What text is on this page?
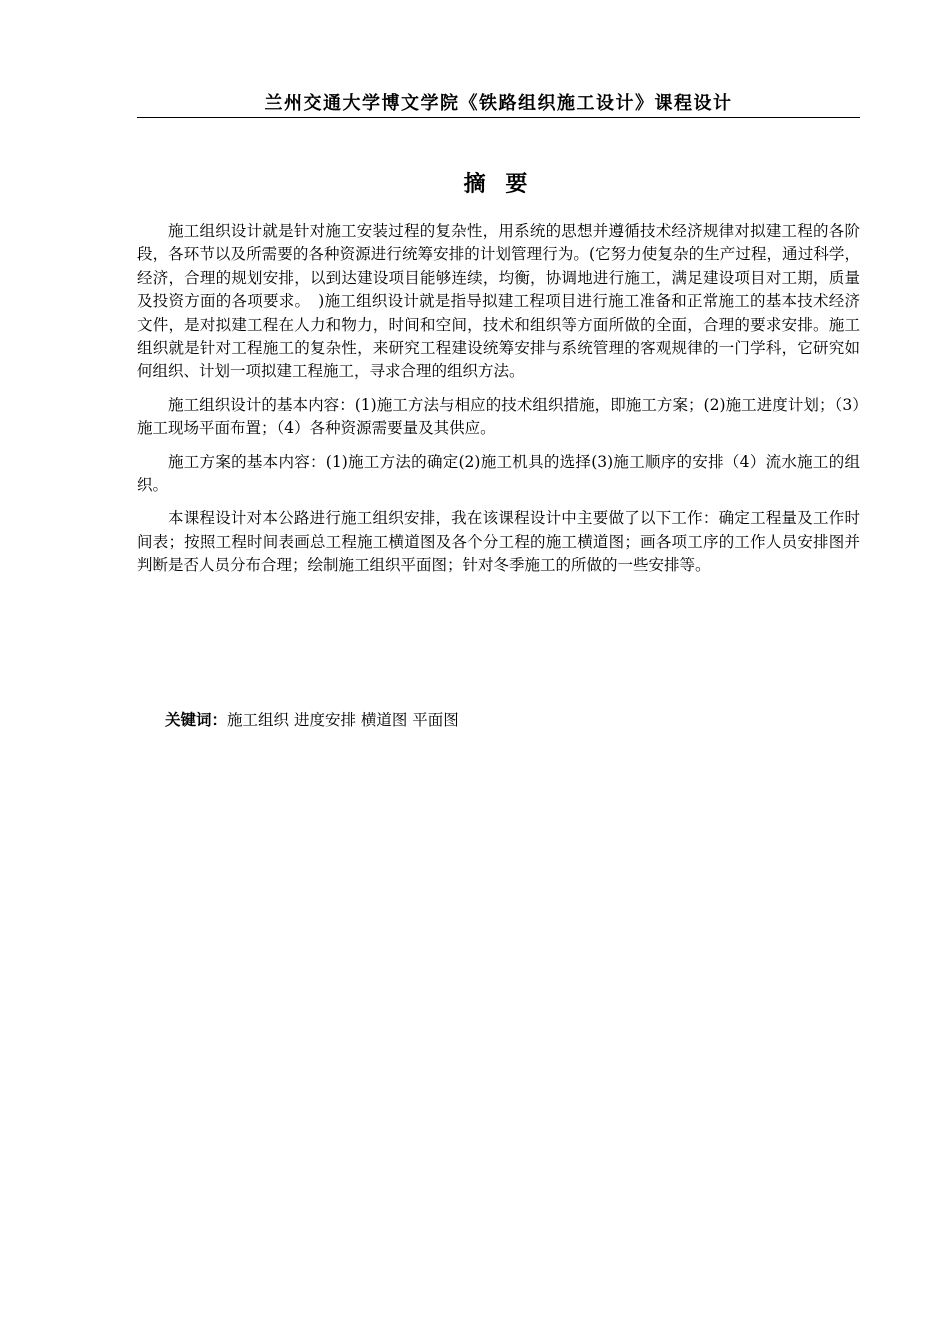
兰州交通大学博文学院《铁路组织施工设计》课程设计
摘 要

施工组织设计就是针对施工安装过程的复杂性，用系统的思想并遵循技术经济规律对拟建工程的各阶段，各环节以及所需要的各种资源进行统筹安排的计划管理行为。(它努力使复杂的生产过程，通过科学，经济，合理的规划安排，以到达建设项目能够连续，均衡，协调地进行施工，满足建设项目对工期，质量及投资方面的各项要求。　)施工组织设计就是指导拟建工程项目进行施工准备和正常施工的基本技术经济文件，是对拟建工程在人力和物力，时间和空间，技术和组织等方面所做的全面，合理的要求安排。施工组织就是针对工程施工的复杂性，来研究工程建设统筹安排与系统管理的客观规律的一门学科，它研究如何组织、计划一项拟建工程施工，寻求合理的组织方法。

施工组织设计的基本内容：(1)施工方法与相应的技术组织措施，即施工方案；(2)施工进度计划；（3）施工现场平面布置；（4）各种资源需要量及其供应。

施工方案的基本内容：(1)施工方法的确定(2)施工机具的选择(3)施工顺序的安排（4）流水施工的组织。

本课程设计对本公路进行施工组织安排，我在该课程设计中主要做了以下工作：确定工程量及工作时间表；按照工程时间表画总工程施工横道图及各个分工程的施工横道图；画各项工序的工作人员安排图并判断是否人员分布合理；绘制施工组织平面图；针对冬季施工的所做的一些安排等。

关键词：施工组织 进度安排 横道图 平面图
